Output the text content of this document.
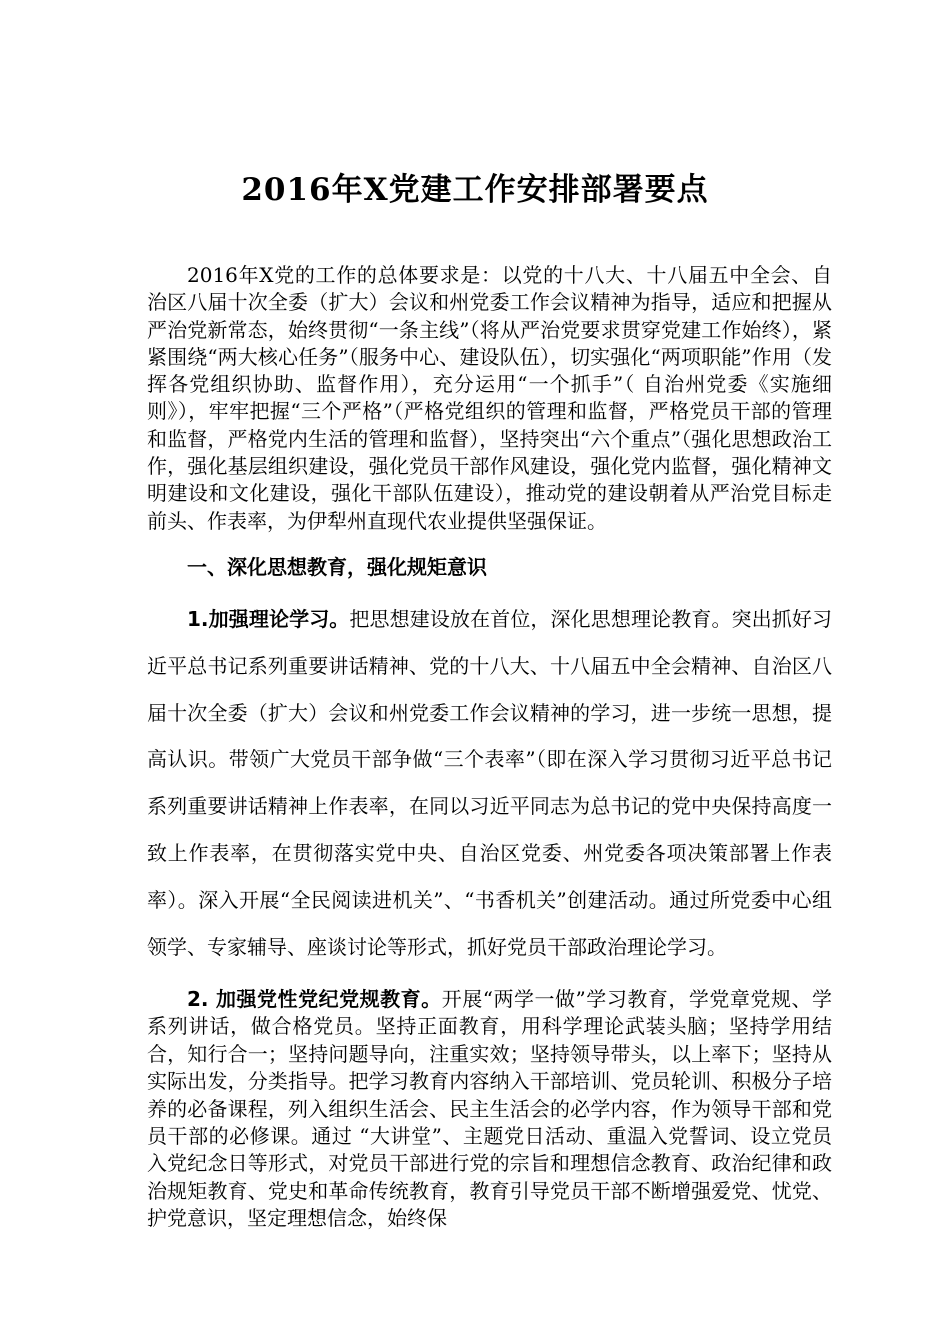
2016年X党建工作安排部署要点

2016年X党的工作的总体要求是：以党的十八大、十八届五中全会、自治区八届十次全委（扩大）会议和州党委工作会议精神为指导，适应和把握从严治党新常态，始终贯彻“一条主线”（将从严治党要求贯穿党建工作始终），紧紧围绕“两大核心任务”（服务中心、建设队伍），切实强化“两项职能”作用（发挥各党组织协助、监督作用），充分运用“一个抓手”（ 自治州党委《实施细则》），牢牢把握“三个严格”（严格党组织的管理和监督，严格党员干部的管理和监督，严格党内生活的管理和监督），坚持突出“六个重点”（强化思想政治工作，强化基层组织建设，强化党员干部作风建设，强化党内监督，强化精神文明建设和文化建设，强化干部队伍建设），推动党的建设朝着从严治党目标走前头、作表率，为伊犁州直现代农业提供坚强保证。

一、深化思想教育，强化规矩意识

1.加强理论学习。把思想建设放在首位，深化思想理论教育。突出抓好习近平总书记系列重要讲话精神、党的十八大、十八届五中全会精神、自治区八届十次全委（扩大）会议和州党委工作会议精神的学习，进一步统一思想，提高认识。带领广大党员干部争做“三个表率”（即在深入学习贯彻习近平总书记系列重要讲话精神上作表率，在同以习近平同志为总书记的党中央保持高度一致上作表率，在贯彻落实党中央、自治区党委、州党委各项决策部署上作表率）。深入开展“全民阅读进机关”、“书香机关”创建活动。通过所党委中心组领学、专家辅导、座谈讨论等形式，抓好党员干部政治理论学习。

2. 加强党性党纪党规教育。开展“两学一做”学习教育，学党章党规、学系列讲话，做合格党员。坚持正面教育，用科学理论武装头脑；坚持学用结合，知行合一；坚持问题导向，注重实效；坚持领导带头，以上率下；坚持从实际出发，分类指导。把学习教育内容纳入干部培训、党员轮训、积极分子培养的必备课程，列入组织生活会、民主生活会的必学内容，作为领导干部和党员干部的必修课。通过 “大讲堂”、主题党日活动、重温入党誓词、设立党员入党纪念日等形式，对党员干部进行党的宗旨和理想信念教育、政治纪律和政治规矩教育、党史和革命传统教育，教育引导党员干部不断增强爱党、忧党、护党意识，坚定理想信念，始终保
